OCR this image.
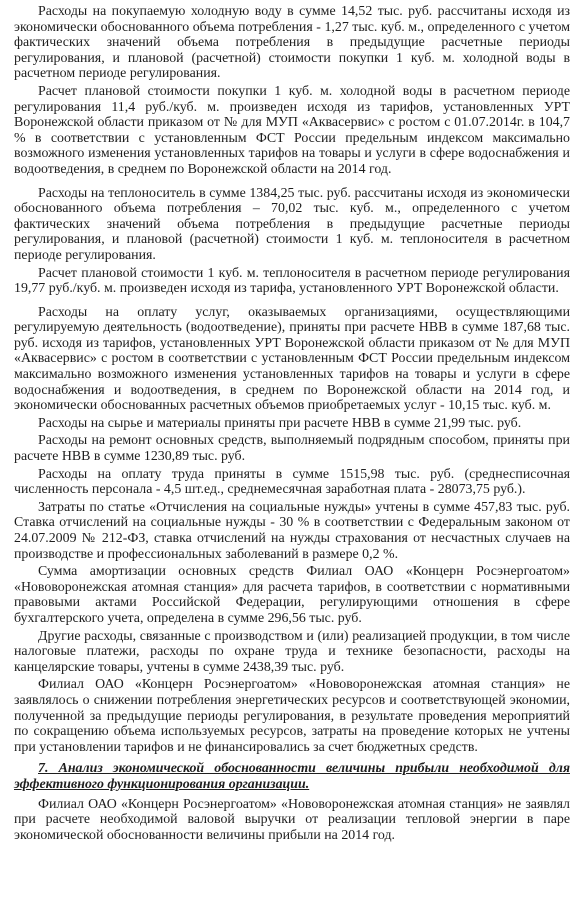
Расходы на покупаемую холодную воду в сумме 14,52 тыс. руб. рассчитаны исходя из экономически обоснованного объема потребления - 1,27 тыс. куб. м., определенного с учетом фактических значений объема потребления в предыдущие расчетные периоды регулирования, и плановой (расчетной) стоимости покупки 1 куб. м. холодной воды в расчетном периоде регулирования.

Расчет плановой стоимости покупки 1 куб. м. холодной воды в расчетном периоде регулирования 11,4 руб./куб. м. произведен исходя из тарифов, установленных УРТ Воронежской области приказом от № для МУП «Аквасервис» с ростом с 01.07.2014г. в 104,7 % в соответствии с установленным ФСТ России предельным индексом максимально возможного изменения установленных тарифов на товары и услуги в сфере водоснабжения и водоотведения, в среднем по Воронежской области на 2014 год.

Расходы на теплоноситель в сумме 1384,25 тыс. руб. рассчитаны исходя из экономически обоснованного объема потребления – 70,02 тыс. куб. м., определенного с учетом фактических значений объема потребления в предыдущие расчетные периоды регулирования, и плановой (расчетной) стоимости 1 куб. м. теплоносителя в расчетном периоде регулирования.

Расчет плановой стоимости 1 куб. м. теплоносителя в расчетном периоде регулирования 19,77 руб./куб. м. произведен исходя из тарифа, установленного УРТ Воронежской области.

Расходы на оплату услуг, оказываемых организациями, осуществляющими регулируемую деятельность (водоотведение), приняты при расчете НВВ в сумме 187,68 тыс. руб. исходя из тарифов, установленных УРТ Воронежской области приказом от № для МУП «Аквасервис» с ростом в соответствии с установленным ФСТ России предельным индексом максимально возможного изменения установленных тарифов на товары и услуги в сфере водоснабжения и водоотведения, в среднем по Воронежской области на 2014 год, и экономически обоснованных расчетных объемов приобретаемых услуг - 10,15 тыс. куб. м.

Расходы на сырье и материалы приняты при расчете НВВ в сумме 21,99 тыс. руб.

Расходы на ремонт основных средств, выполняемый подрядным способом, приняты при расчете НВВ в сумме 1230,89 тыс. руб.

Расходы на оплату труда приняты в сумме 1515,98 тыс. руб. (среднесписочная численность персонала - 4,5 шт.ед., среднемесячная заработная плата - 28073,75 руб.).

Затраты по статье «Отчисления на социальные нужды» учтены в сумме 457,83 тыс. руб. Ставка отчислений на социальные нужды - 30 % в соответствии с Федеральным законом от 24.07.2009 № 212-ФЗ, ставка отчислений на нужды страхования от несчастных случаев на производстве и профессиональных заболеваний в размере 0,2 %.

Сумма амортизации основных средств Филиал ОАО «Концерн Росэнергоатом» «Нововоронежская атомная станция» для расчета тарифов, в соответствии с нормативными правовыми актами Российской Федерации, регулирующими отношения в сфере бухгалтерского учета, определена в сумме 296,56 тыс. руб.

Другие расходы, связанные с производством и (или) реализацией продукции, в том числе налоговые платежи, расходы по охране труда и технике безопасности, расходы на канцелярские товары, учтены в сумме 2438,39 тыс. руб.

Филиал ОАО «Концерн Росэнергоатом» «Нововоронежская атомная станция» не заявлялось о снижении потребления энергетических ресурсов и соответствующей экономии, полученной за предыдущие периоды регулирования, в результате проведения мероприятий по сокращению объема используемых ресурсов, затраты на проведение которых не учтены при установлении тарифов и не финансировались за счет бюджетных средств.

7. Анализ экономической обоснованности величины прибыли необходимой для эффективного функционирования организации.

Филиал ОАО «Концерн Росэнергоатом» «Нововоронежская атомная станция» не заявлял при расчете необходимой валовой выручки от реализации тепловой энергии в паре экономической обоснованности величины прибыли на 2014 год.
